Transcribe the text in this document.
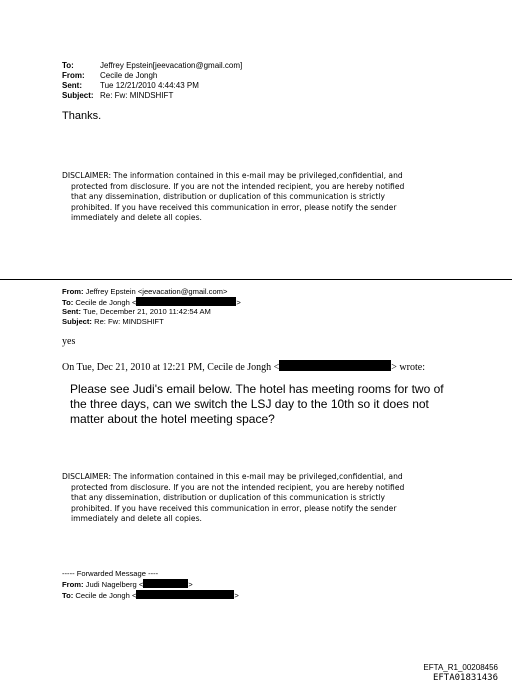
To:	Jeffrey Epstein[jeevacation@gmail.com]
From: Cecile de Jongh
Sent: Tue 12/21/2010 4:44:43 PM
Subject: Re: Fw: MINDSHIFT
Thanks.
DISCLAIMER: The information contained in this e-mail may be privileged,confidential, and
protected from disclosure. If you are not the intended recipient, you are hereby notified
that any dissemination, distribution or duplication of this communication is strictly
prohibited. If you have received this communication in error, please notify the sender
immediately and delete all copies.
From: Jeffrey Epstein <jeevacation@gmail.com>
To: Cecile de Jongh <	>
Sent: Tue, December 21, 2010 11:42:54 AM
Subject: Re: Fw: MINDSHIFT
yes
On Tue, Dec 21, 2010 at 12:21 PM, Cecile de Jongh <	> wrote:
Please see Judi's email below. The hotel has meeting rooms for two of
the three days, can we switch the LSJ day to the 10th so it does not
matter about the hotel meeting space?
DISCLAIMER: The information contained in this e-mail may be privileged,confidential, and
protected from disclosure. If you are not the intended recipient, you are hereby notified
that any dissemination, distribution or duplication of this communication is strictly
prohibited. If you have received this communication in error, please notify the sender
immediately and delete all copies.
----- Forwarded Message ----
From: Judi Nagelberg <	>
To: Cecile de Jongh <	>
EFTA_R1_00208456
EFTA01831436
